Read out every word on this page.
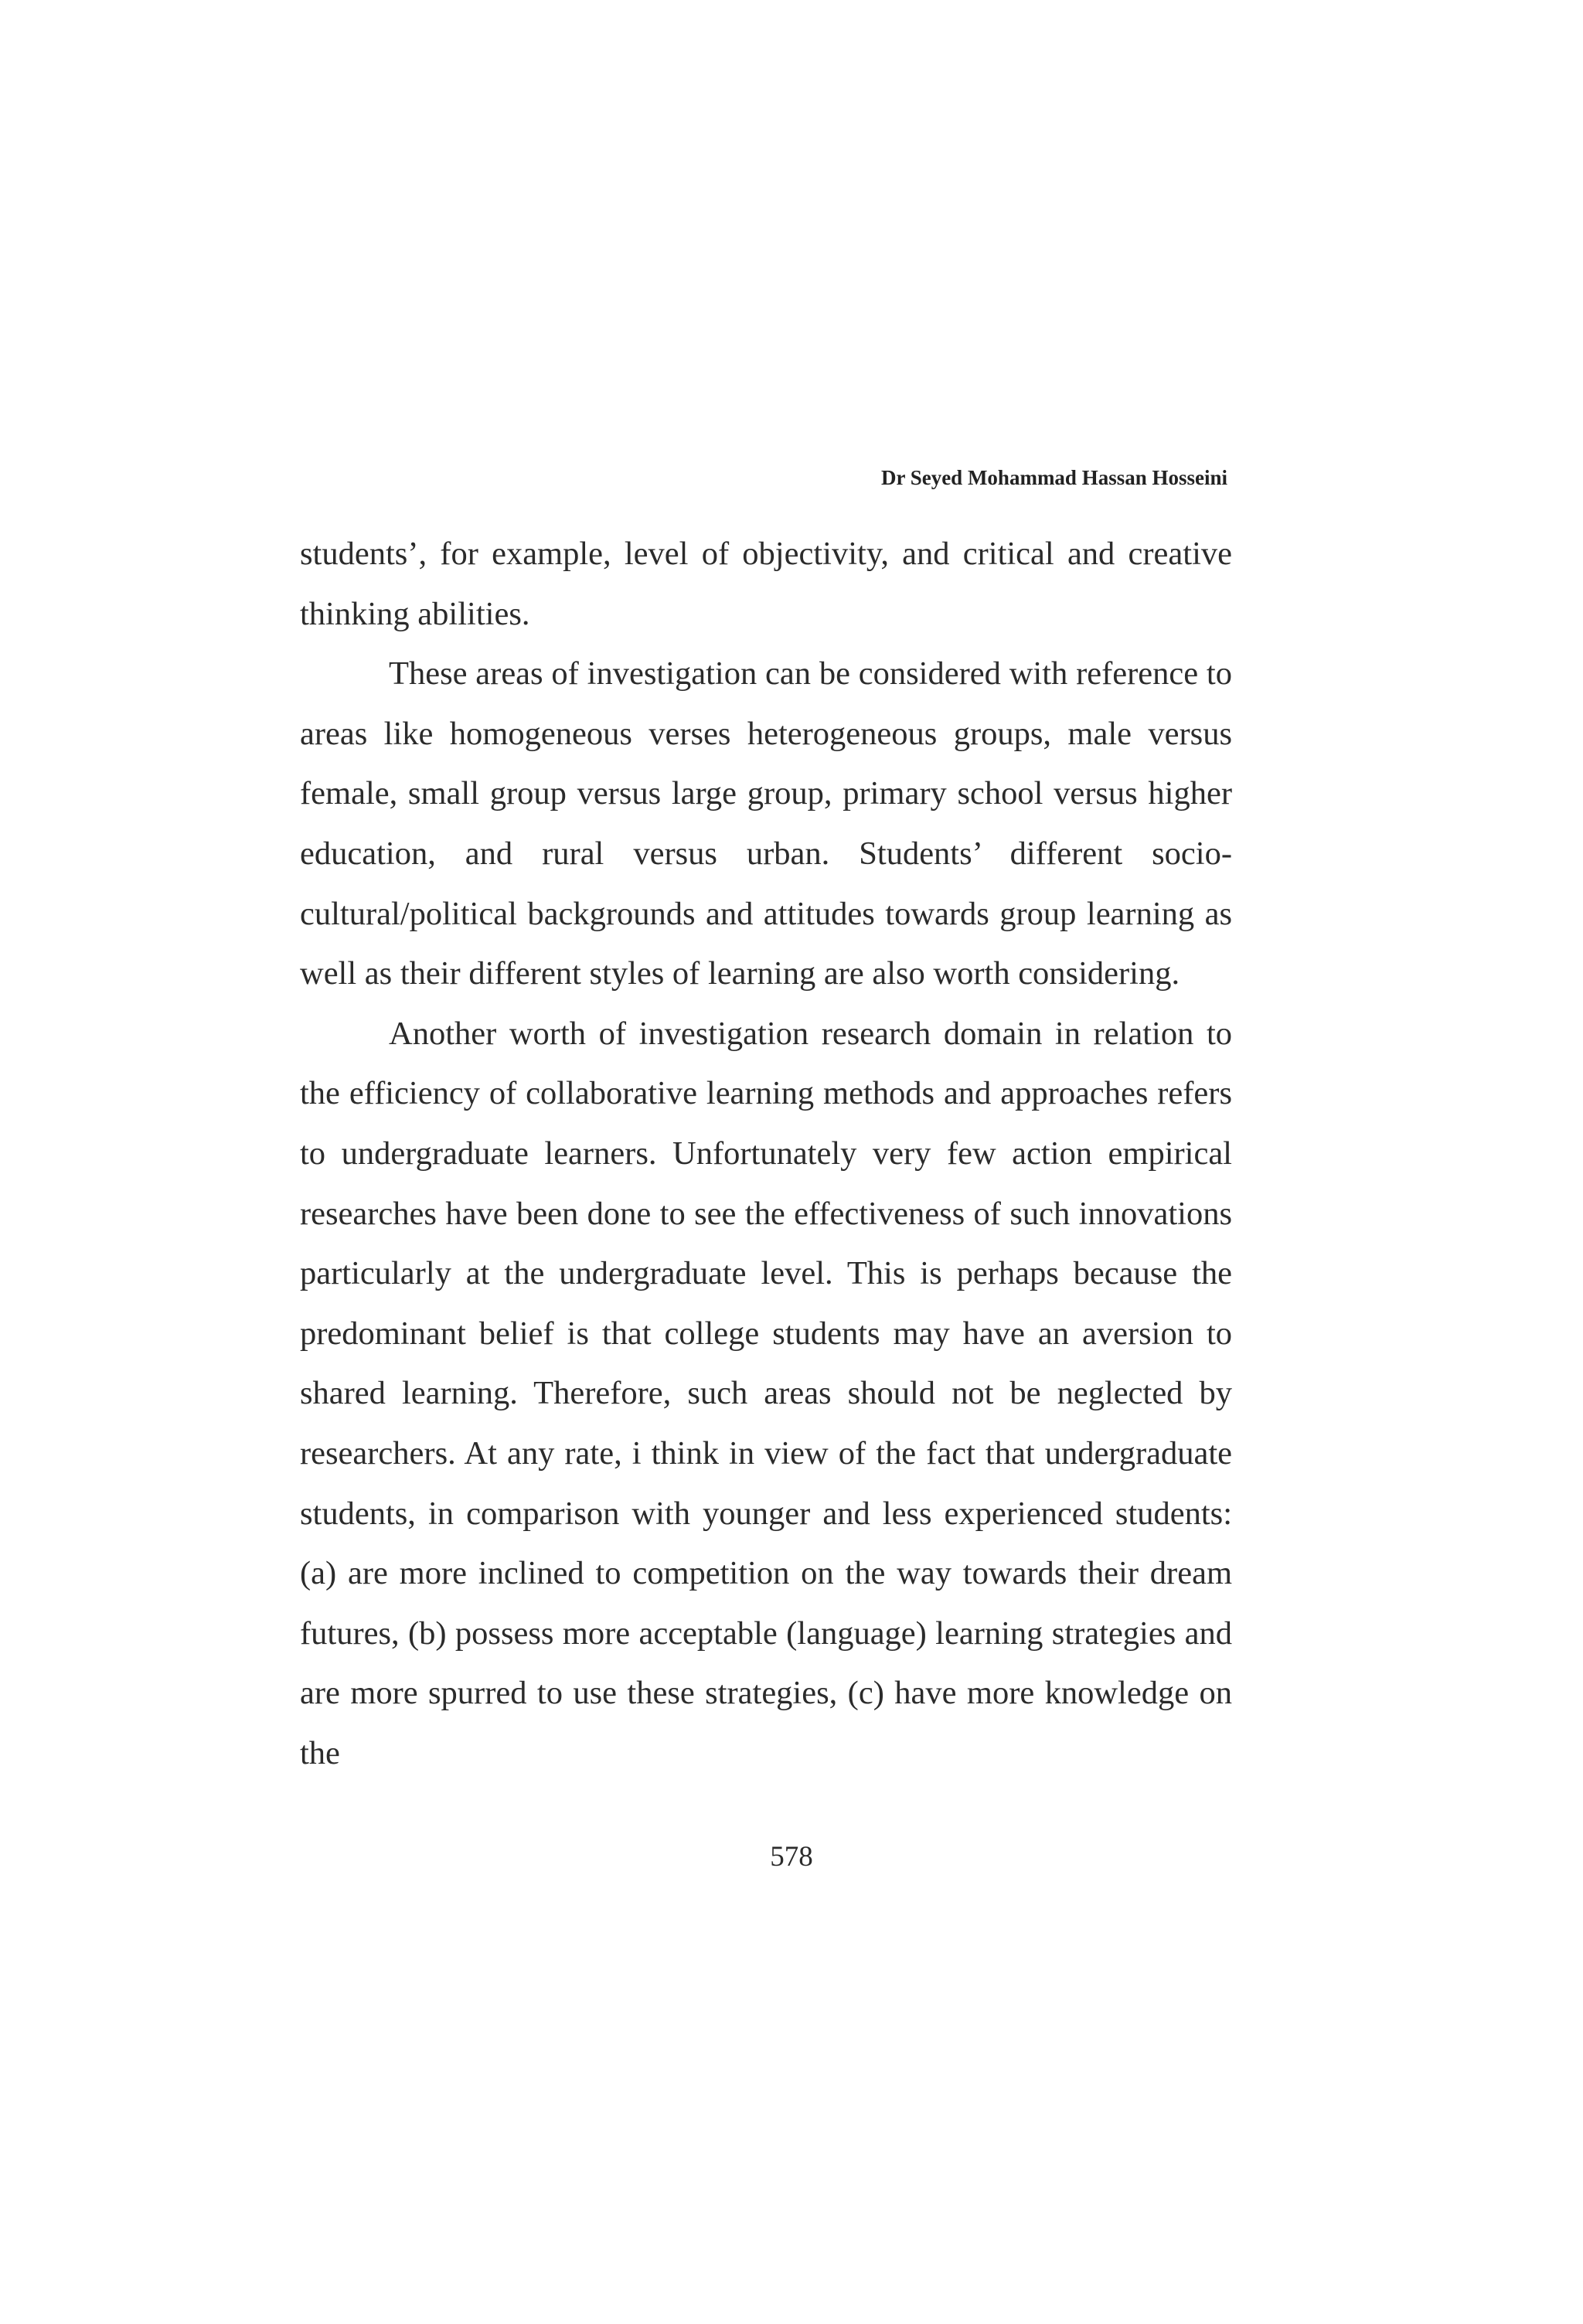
Dr Seyed Mohammad Hassan Hosseini

students’, for example, level of objectivity, and critical and creative thinking abilities.

These areas of investigation can be considered with reference to areas like homogeneous verses heterogeneous groups, male versus female, small group versus large group, primary school versus higher education, and rural versus urban. Students’ different socio-cultural/political backgrounds and attitudes towards group learning as well as their different styles of learning are also worth considering.

Another worth of investigation research domain in relation to the efficiency of collaborative learning methods and approaches refers to undergraduate learners. Unfortunately very few action empirical researches have been done to see the effectiveness of such innovations particularly at the undergraduate level. This is perhaps because the predominant belief is that college students may have an aversion to shared learning. Therefore, such areas should not be neglected by researchers. At any rate, i think in view of the fact that undergraduate students, in comparison with younger and less experienced students: (a) are more inclined to competition on the way towards their dream futures, (b) possess more acceptable (language) learning strategies and are more spurred to use these strategies, (c) have more knowledge on the

578
